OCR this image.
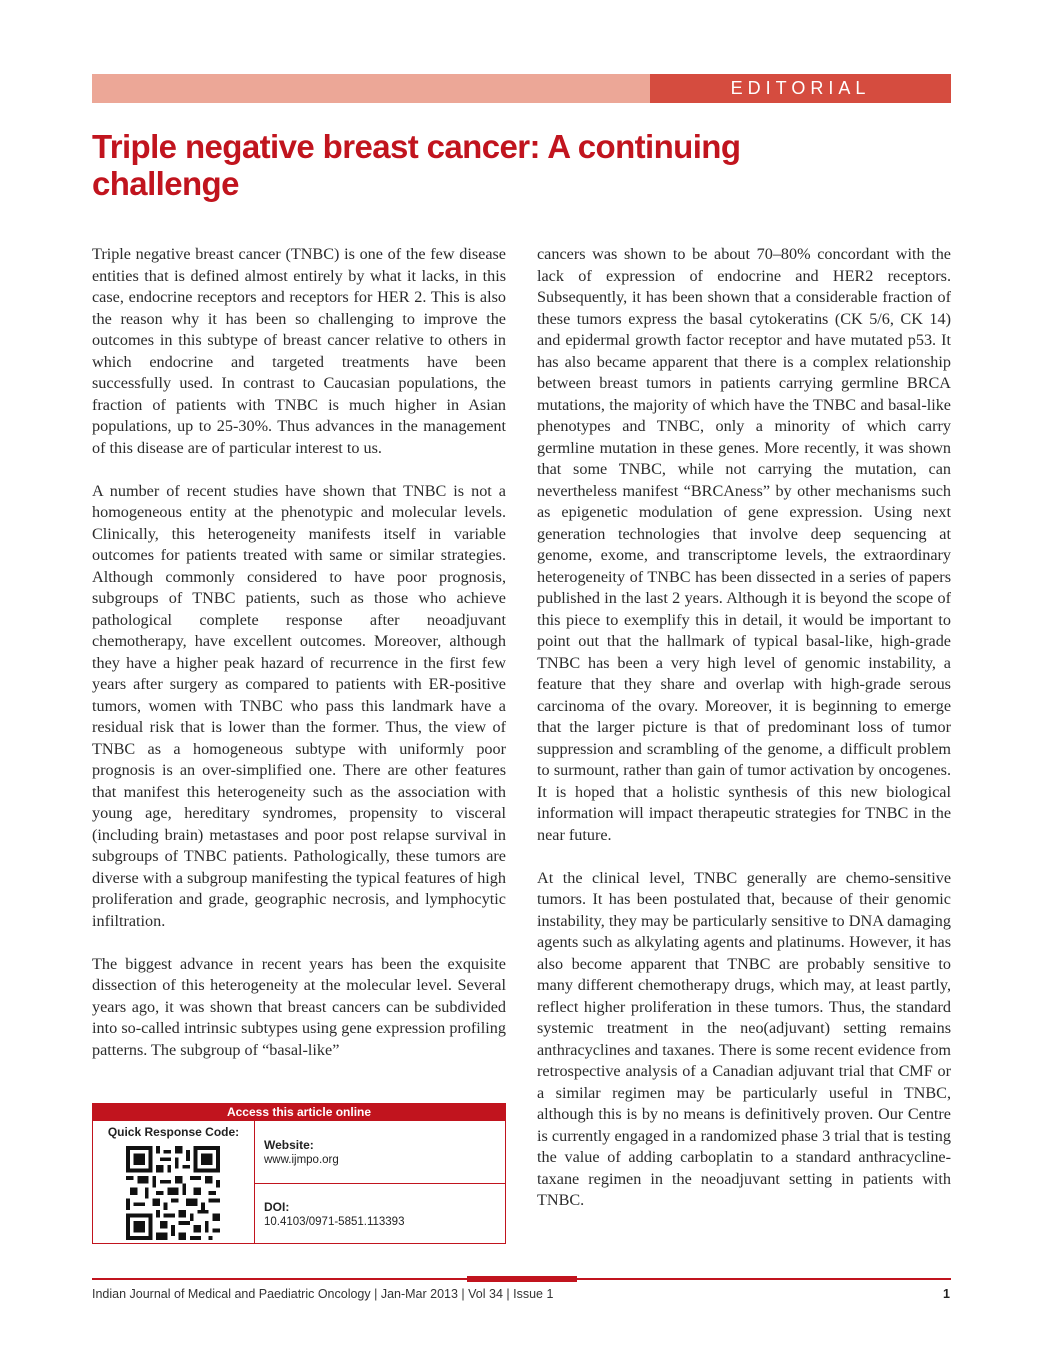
EDITORIAL
Triple negative breast cancer: A continuing challenge

Triple negative breast cancer (TNBC) is one of the few disease entities that is defined almost entirely by what it lacks, in this case, endocrine receptors and receptors for HER 2. This is also the reason why it has been so challenging to improve the outcomes in this subtype of breast cancer relative to others in which endocrine and targeted treatments have been successfully used. In contrast to Caucasian populations, the fraction of patients with TNBC is much higher in Asian populations, up to 25-30%. Thus advances in the management of this disease are of particular interest to us.

A number of recent studies have shown that TNBC is not a homogeneous entity at the phenotypic and molecular levels. Clinically, this heterogeneity manifests itself in variable outcomes for patients treated with same or similar strategies. Although commonly considered to have poor prognosis, subgroups of TNBC patients, such as those who achieve pathological complete response after neoadjuvant chemotherapy, have excellent outcomes. Moreover, although they have a higher peak hazard of recurrence in the first few years after surgery as compared to patients with ER-positive tumors, women with TNBC who pass this landmark have a residual risk that is lower than the former. Thus, the view of TNBC as a homogeneous subtype with uniformly poor prognosis is an over-simplified one. There are other features that manifest this heterogeneity such as the association with young age, hereditary syndromes, propensity to visceral (including brain) metastases and poor post relapse survival in subgroups of TNBC patients. Pathologically, these tumors are diverse with a subgroup manifesting the typical features of high proliferation and grade, geographic necrosis, and lymphocytic infiltration.

The biggest advance in recent years has been the exquisite dissection of this heterogeneity at the molecular level. Several years ago, it was shown that breast cancers can be subdivided into so-called intrinsic subtypes using gene expression profiling patterns. The subgroup of “basal-like”

cancers was shown to be about 70–80% concordant with the lack of expression of endocrine and HER2 receptors. Subsequently, it has been shown that a considerable fraction of these tumors express the basal cytokeratins (CK 5/6, CK 14) and epidermal growth factor receptor and have mutated p53. It has also became apparent that there is a complex relationship between breast tumors in patients carrying germline BRCA mutations, the majority of which have the TNBC and basal-like phenotypes and TNBC, only a minority of which carry germline mutation in these genes. More recently, it was shown that some TNBC, while not carrying the mutation, can nevertheless manifest “BRCAness” by other mechanisms such as epigenetic modulation of gene expression. Using next generation technologies that involve deep sequencing at genome, exome, and transcriptome levels, the extraordinary heterogeneity of TNBC has been dissected in a series of papers published in the last 2 years. Although it is beyond the scope of this piece to exemplify this in detail, it would be important to point out that the hallmark of typical basal-like, high-grade TNBC has been a very high level of genomic instability, a feature that they share and overlap with high-grade serous carcinoma of the ovary. Moreover, it is beginning to emerge that the larger picture is that of predominant loss of tumor suppression and scrambling of the genome, a difficult problem to surmount, rather than gain of tumor activation by oncogenes. It is hoped that a holistic synthesis of this new biological information will impact therapeutic strategies for TNBC in the near future.

At the clinical level, TNBC generally are chemo-sensitive tumors. It has been postulated that, because of their genomic instability, they may be particularly sensitive to DNA damaging agents such as alkylating agents and platinums. However, it has also become apparent that TNBC are probably sensitive to many different chemotherapy drugs, which may, at least partly, reflect higher proliferation in these tumors. Thus, the standard systemic treatment in the neo(adjuvant) setting remains anthracyclines and taxanes. There is some recent evidence from retrospective analysis of a Canadian adjuvant trial that CMF or a similar regimen may be particularly useful in TNBC, although this is by no means is definitively proven. Our Centre is currently engaged in a randomized phase 3 trial that is testing the value of adding carboplatin to a standard anthracycline-taxane regimen in the neoadjuvant setting in patients with TNBC.

Access this article online
Quick Response Code:
Website:
www.ijmpo.org
DOI:
10.4103/0971-5851.113393
Indian Journal of Medical and Paediatric Oncology | Jan-Mar 2013 | Vol 34 | Issue 1	1
